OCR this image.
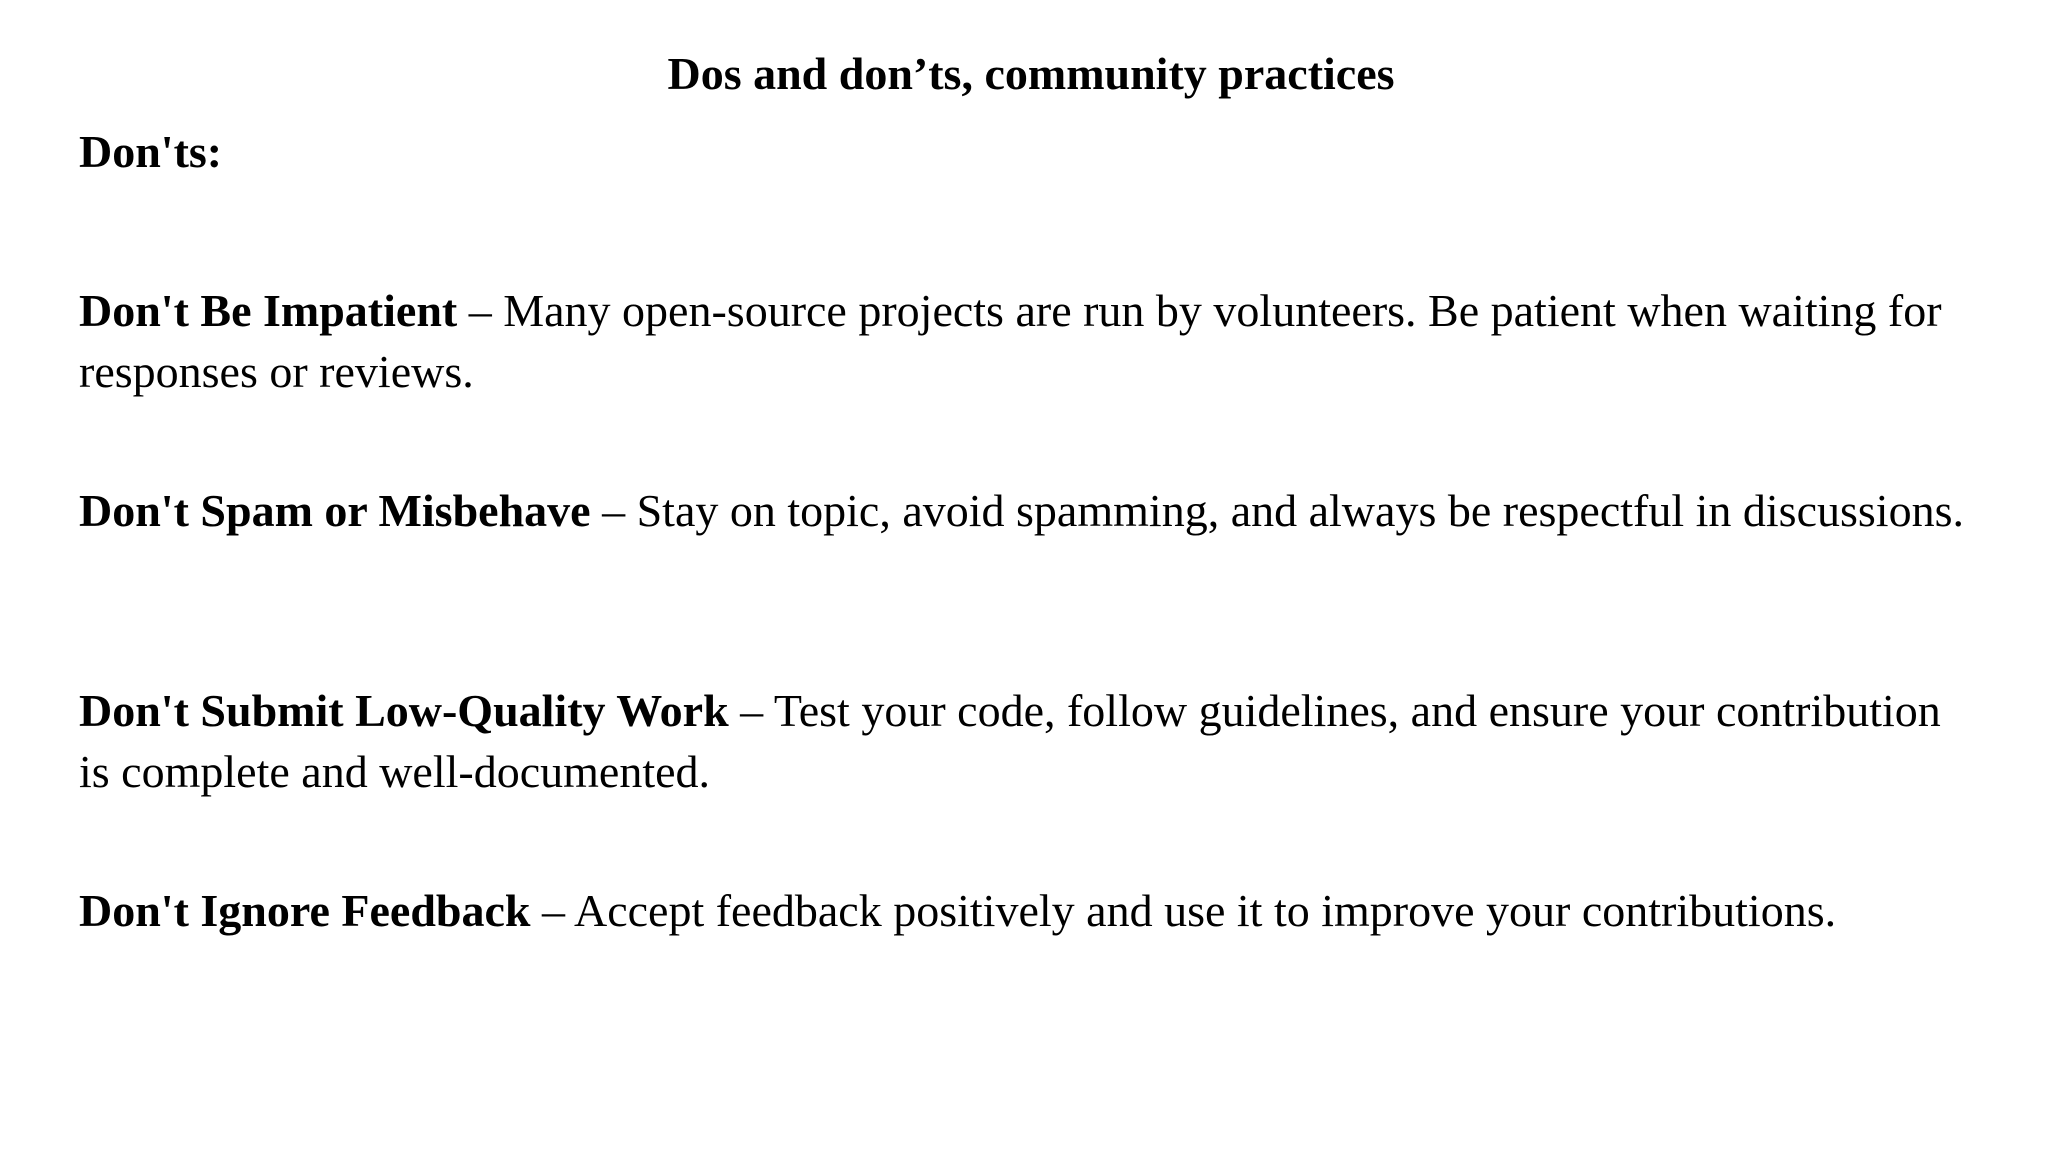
Dos and don’ts, community practices

Don'ts:

Don't Be Impatient – Many open-source projects are run by volunteers. Be patient when waiting for responses or reviews.

Don't Spam or Misbehave – Stay on topic, avoid spamming, and always be respectful in discussions.

Don't Submit Low-Quality Work – Test your code, follow guidelines, and ensure your contribution is complete and well-documented.

Don't Ignore Feedback – Accept feedback positively and use it to improve your contributions.
